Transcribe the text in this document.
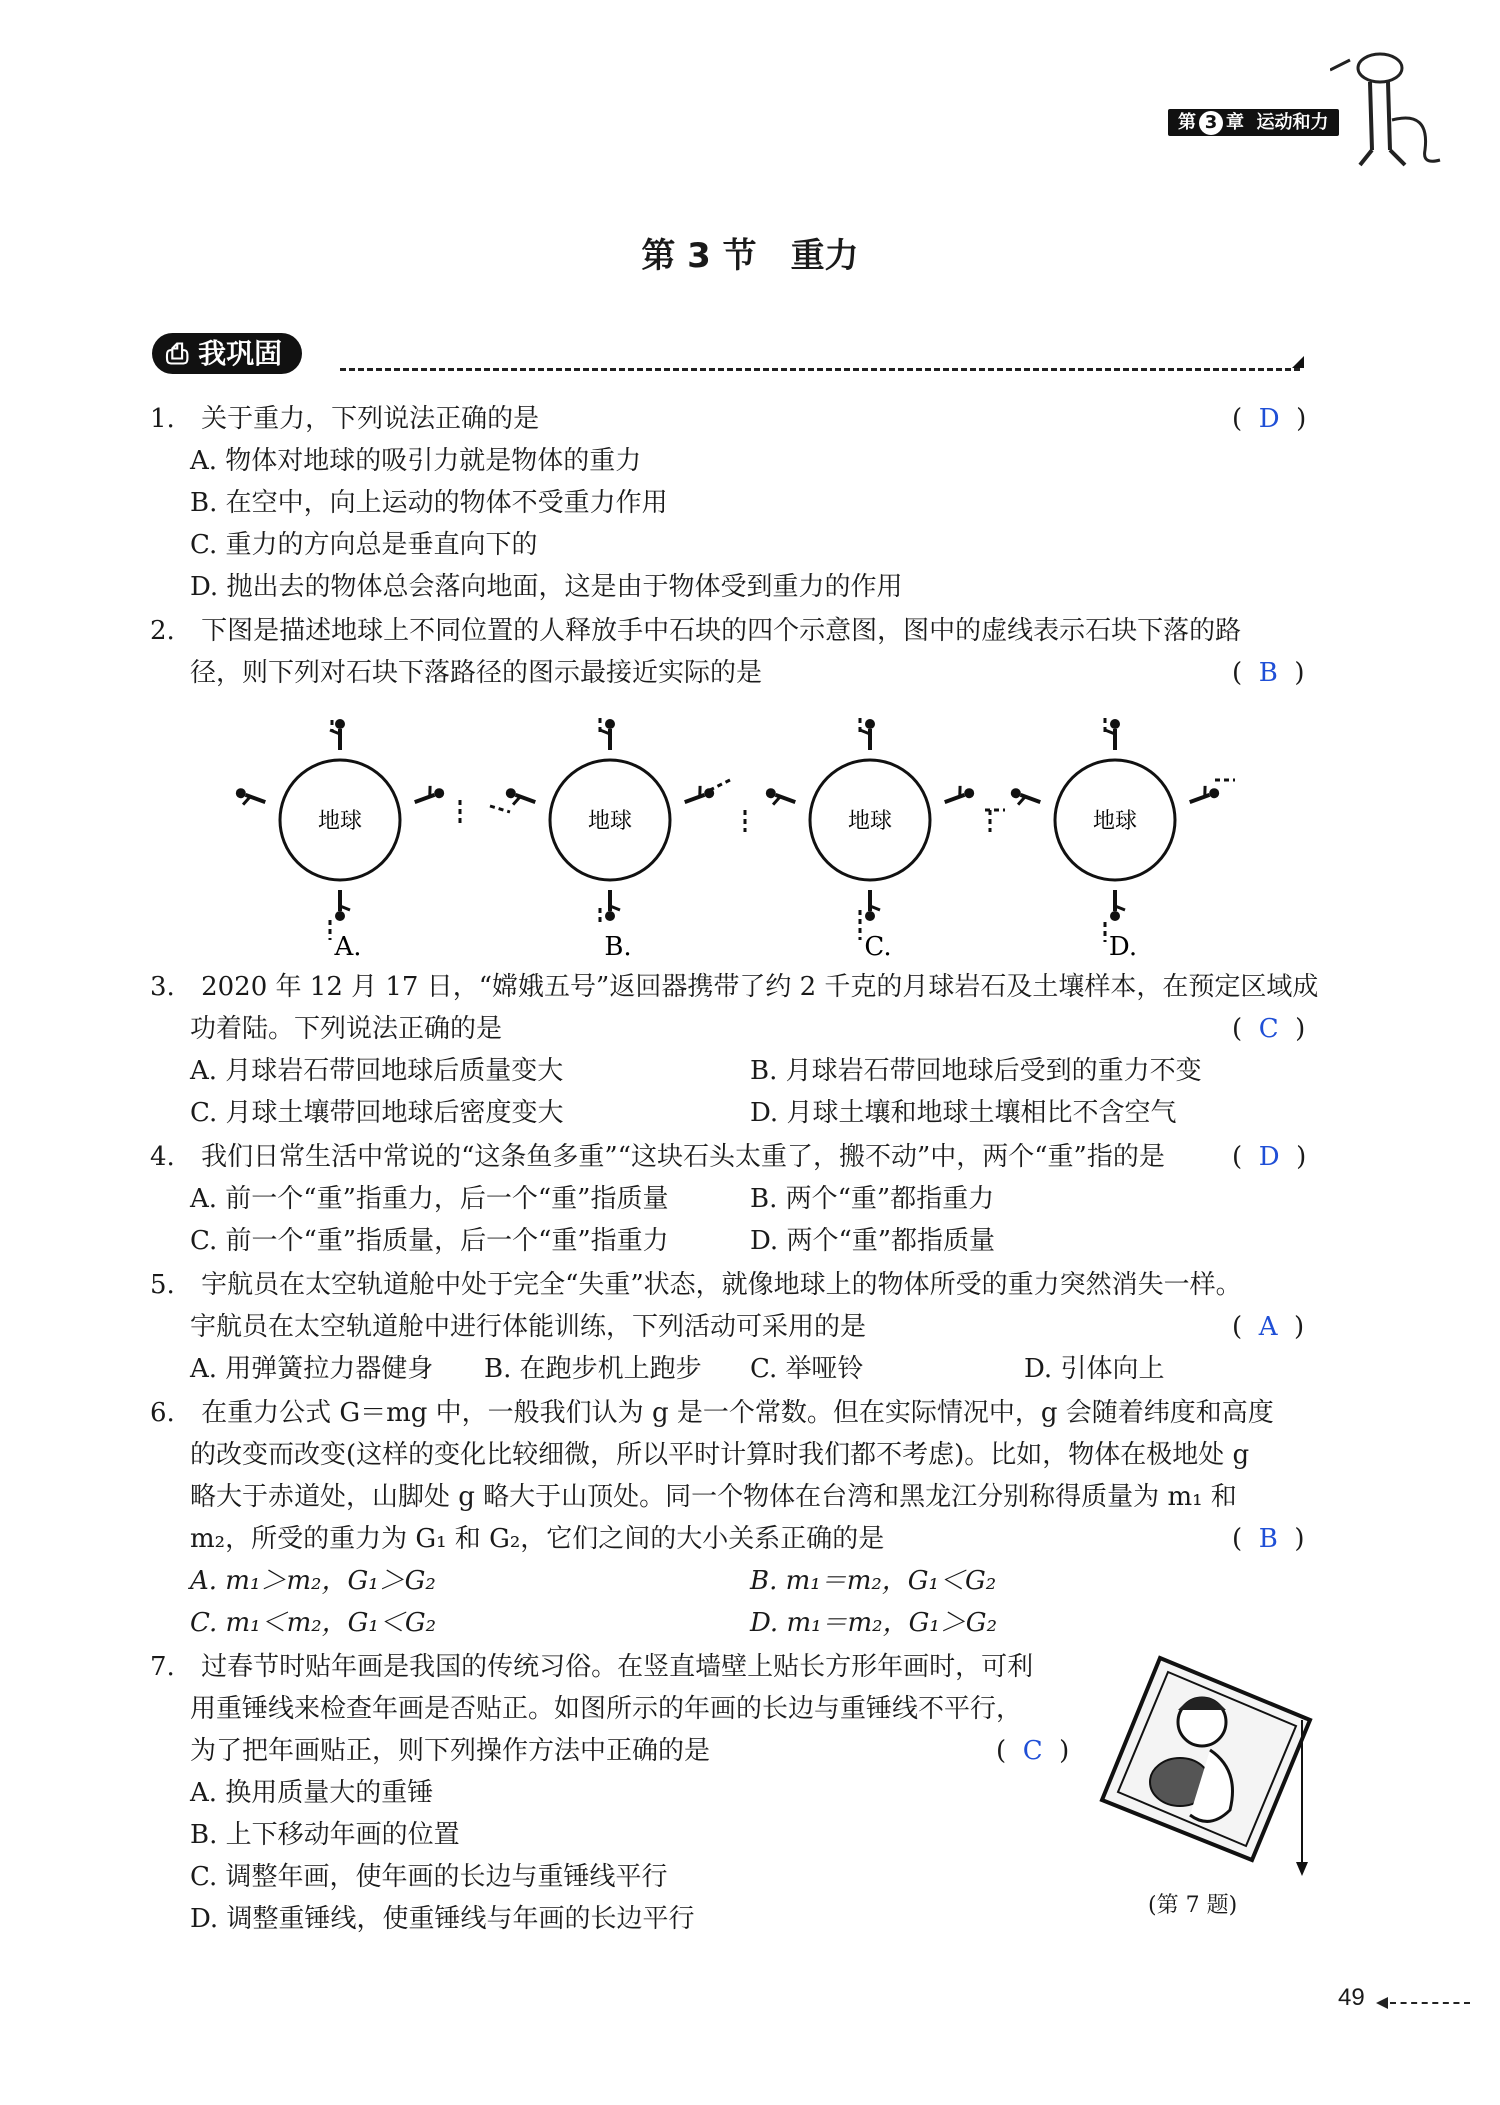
第 3 章 运动和力
第 3 节　重力
⎙ 我巩固
1. 关于重力，下列说法正确的是	(  D  )
A. 物体对地球的吸引力就是物体的重力
B. 在空中，向上运动的物体不受重力作用
C. 重力的方向总是垂直向下的
D. 抛出去的物体总会落向地面，这是由于物体受到重力的作用
2. 下图是描述地球上不同位置的人释放手中石块的四个示意图，图中的虚线表示石块下落的路
径，则下列对石块下落路径的图示最接近实际的是	(  B  )
地球
A.
地球
B.
地球
C.
地球
D.
3. 2020 年 12 月 17 日，“嫦娥五号”返回器携带了约 2 千克的月球岩石及土壤样本，在预定区域成
功着陆。下列说法正确的是	(  C  )
A. 月球岩石带回地球后质量变大	B. 月球岩石带回地球后受到的重力不变
C. 月球土壤带回地球后密度变大	D. 月球土壤和地球土壤相比不含空气
4. 我们日常生活中常说的“这条鱼多重”“这块石头太重了，搬不动”中，两个“重”指的是	(  D  )
A. 前一个“重”指重力，后一个“重”指质量	B. 两个“重”都指重力
C. 前一个“重”指质量，后一个“重”指重力	D. 两个“重”都指质量
5. 宇航员在太空轨道舱中处于完全“失重”状态，就像地球上的物体所受的重力突然消失一样。
宇航员在太空轨道舱中进行体能训练，下列活动可采用的是	(  A  )
A. 用弹簧拉力器健身 B. 在跑步机上跑步 C. 举哑铃	D. 引体向上
6. 在重力公式 G＝mg 中，一般我们认为 g 是一个常数。但在实际情况中，g 会随着纬度和高度
的改变而改变(这样的变化比较细微，所以平时计算时我们都不考虑)。比如，物体在极地处 g
略大于赤道处，山脚处 g 略大于山顶处。同一个物体在台湾和黑龙江分别称得质量为 m₁ 和
m₂，所受的重力为 G₁ 和 G₂，它们之间的大小关系正确的是	(  B  )
A. m₁＞m₂，G₁＞G₂	B. m₁＝m₂，G₁＜G₂
C. m₁＜m₂，G₁＜G₂	D. m₁＝m₂，G₁＞G₂
7. 过春节时贴年画是我国的传统习俗。在竖直墙壁上贴长方形年画时，可利
用重锤线来检查年画是否贴正。如图所示的年画的长边与重锤线不平行，
为了把年画贴正，则下列操作方法中正确的是	(  C  )
A. 换用质量大的重锤
B. 上下移动年画的位置
C. 调整年画，使年画的长边与重锤线平行
D. 调整重锤线，使重锤线与年画的长边平行	(第 7 题)
49
